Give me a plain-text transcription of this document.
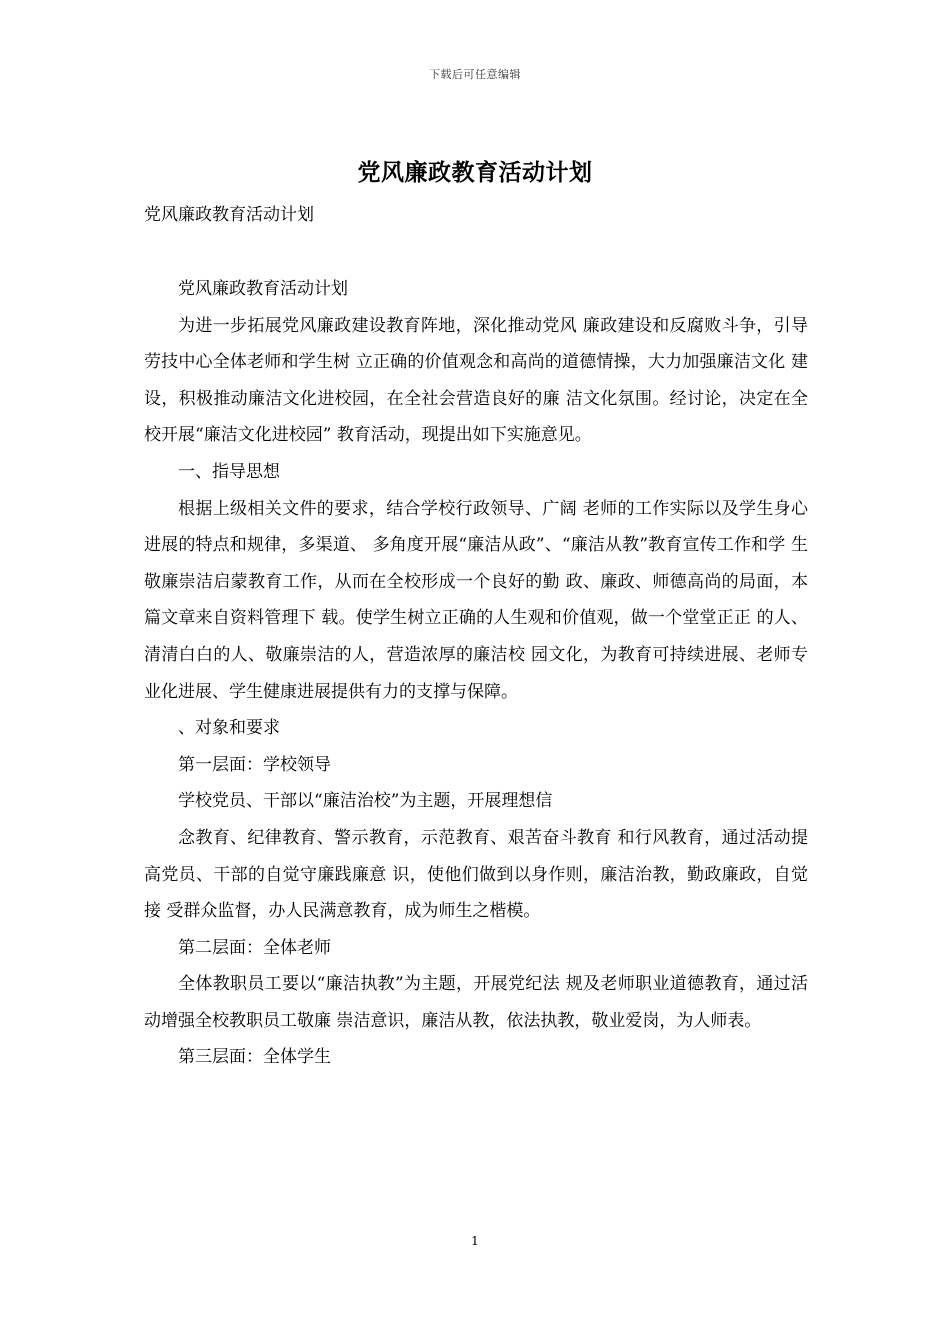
下载后可任意编辑
党风廉政教育活动计划
党风廉政教育活动计划

党风廉政教育活动计划

为进一步拓展党风廉政建设教育阵地，深化推动党风 廉政建设和反腐败斗争，引导劳技中心全体老师和学生树 立正确的价值观念和高尚的道德情操，大力加强廉洁文化 建设，积极推动廉洁文化进校园，在全社会营造良好的廉 洁文化氛围。经讨论，决定在全校开展“廉洁文化进校园” 教育活动，现提出如下实施意见。

一、指导思想

根据上级相关文件的要求，结合学校行政领导、广阔 老师的工作实际以及学生身心进展的特点和规律，多渠道、 多角度开展“廉洁从政”、“廉洁从教”教育宣传工作和学 生敬廉崇洁启蒙教育工作，从而在全校形成一个良好的勤 政、廉政、师德高尚的局面，本篇文章来自资料管理下 载。使学生树立正确的人生观和价值观，做一个堂堂正正 的人、清清白白的人、敬廉崇洁的人，营造浓厚的廉洁校 园文化，为教育可持续进展、老师专业化进展、学生健康进展提供有力的支撑与保障。

、对象和要求

第一层面：学校领导

学校党员、干部以“廉洁治校”为主题，开展理想信

念教育、纪律教育、警示教育，示范教育、艰苦奋斗教育 和行风教育，通过活动提高党员、干部的自觉守廉践廉意 识，使他们做到以身作则，廉洁治教，勤政廉政，自觉接 受群众监督，办人民满意教育，成为师生之楷模。

第二层面：全体老师

全体教职员工要以“廉洁执教”为主题，开展党纪法 规及老师职业道德教育，通过活动增强全校教职员工敬廉 崇洁意识，廉洁从教，依法执教，敬业爱岗，为人师表。

第三层面：全体学生

1
